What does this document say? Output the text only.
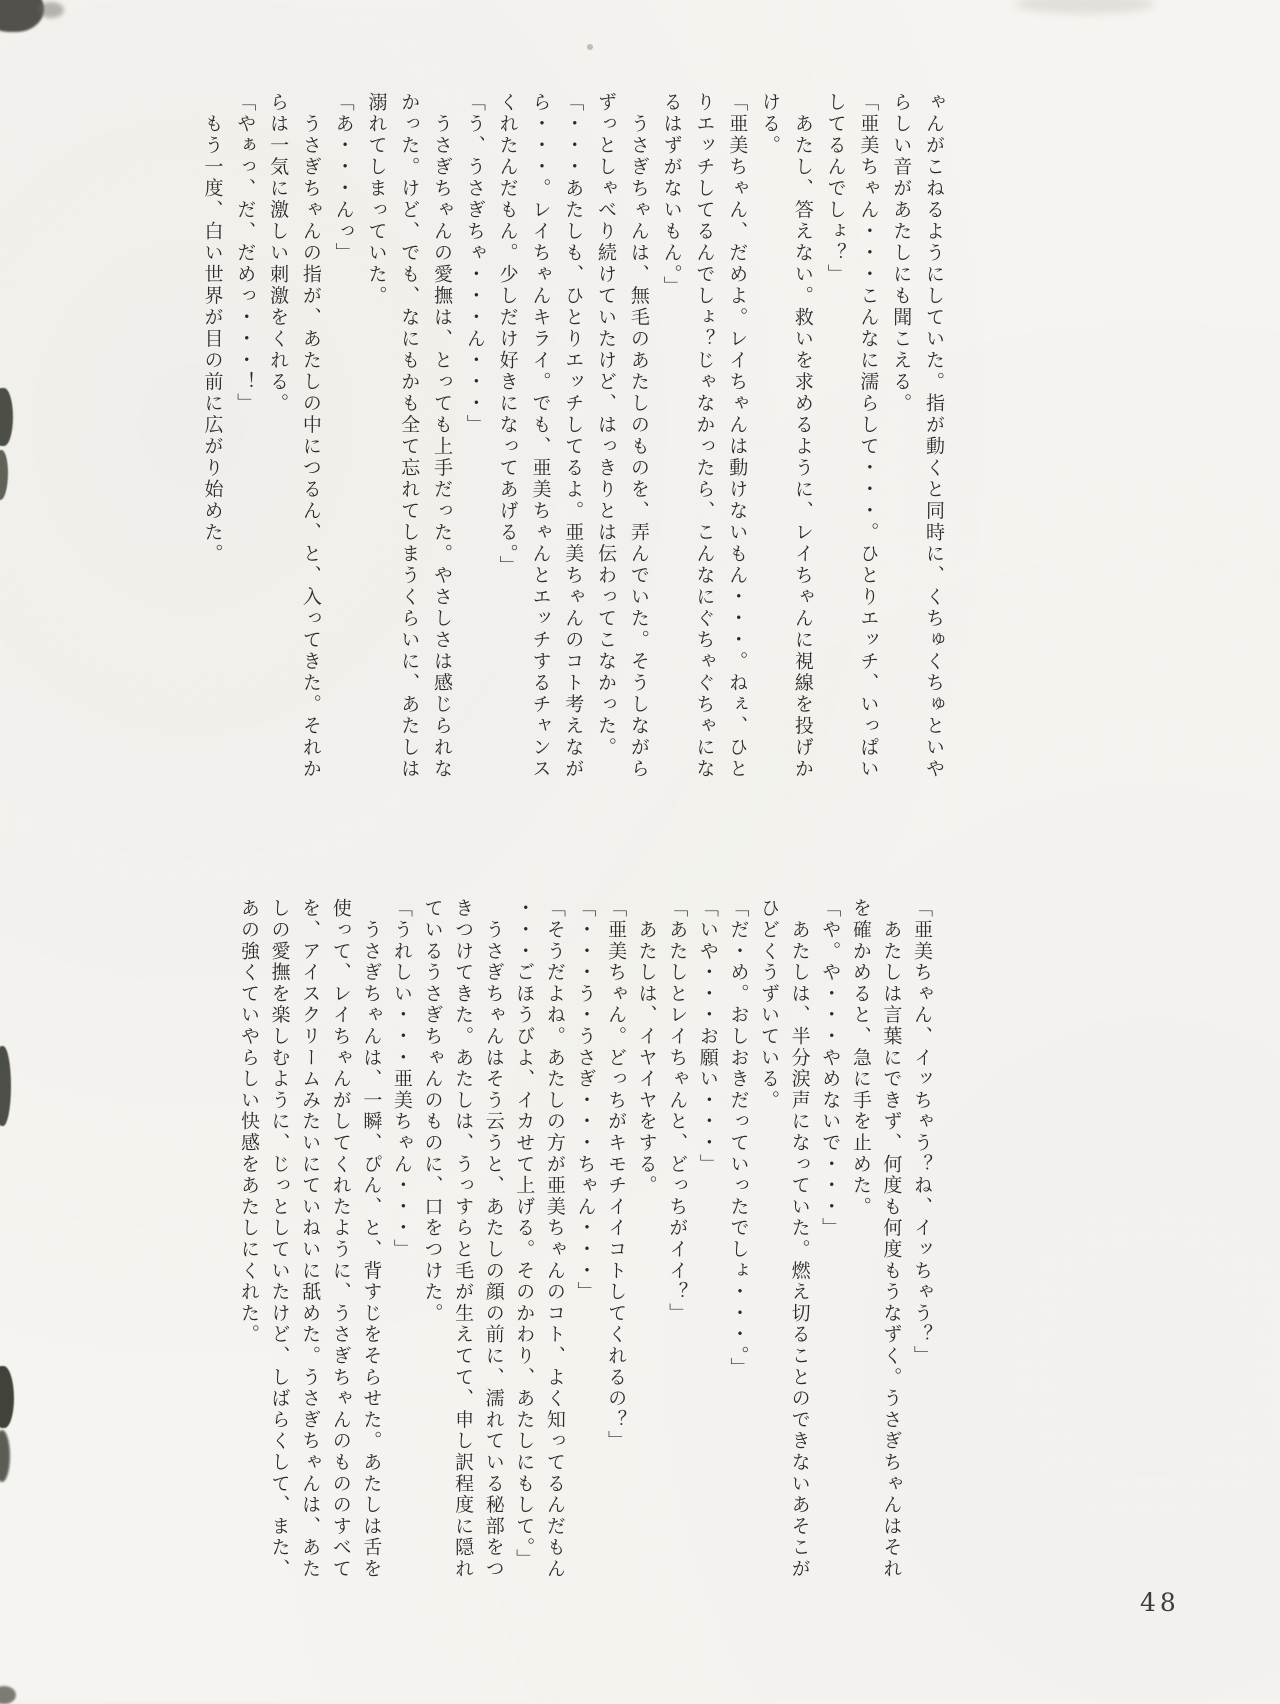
ゃんがこねるようにしていた。指が動くと同時に、くちゅくちゅといや

らしい音があたしにも聞こえる。

「亜美ちゃん・・・こんなに濡らして・・・。ひとりエッチ、いっぱい

してるんでしょ？」

　あたし、答えない。救いを求めるように、レイちゃんに視線を投げか

ける。

「亜美ちゃん、だめよ。レイちゃんは動けないもん・・・。ねぇ、ひと

りエッチしてるんでしょ？じゃなかったら、こんなにぐちゃぐちゃにな

るはずがないもん。」

　うさぎちゃんは、無毛のあたしのものを、弄んでいた。そうしながら

ずっとしゃべり続けていたけど、はっきりとは伝わってこなかった。

「・・・あたしも、ひとりエッチしてるよ。亜美ちゃんのコト考えなが

ら・・・。レイちゃんキライ。でも、亜美ちゃんとエッチするチャンス

くれたんだもん。少しだけ好きになってあげる。」

「う、うさぎちゃ・・・ん・・・」

　うさぎちゃんの愛撫は、とっても上手だった。やさしさは感じられな

かった。けど、でも、なにもかも全て忘れてしまうくらいに、あたしは

溺れてしまっていた。

「あ・・・んっ」

　うさぎちゃんの指が、あたしの中につるん、と、入ってきた。それか

らは一気に激しい刺激をくれる。

「やぁっ、だ、だめっ・・・！」

　もう一度、白い世界が目の前に広がり始めた。

「亜美ちゃん、イッちゃう？ね、イッちゃう？」

　あたしは言葉にできず、何度も何度もうなずく。うさぎちゃんはそれ

を確かめると、急に手を止めた。

「や。や・・・やめないで・・・」

　あたしは、半分涙声になっていた。燃え切ることのできないあそこが

ひどくうずいている。

「だ・め。おしおきだっていったでしょ・・・。」

「いや・・・お願い・・・」

「あたしとレイちゃんと、どっちがイイ？」

　あたしは、イヤイヤをする。

「亜美ちゃん。どっちがキモチイイコトしてくれるの？」

「・・・う・うさぎ・・・ちゃん・・・」

「そうだよね。あたしの方が亜美ちゃんのコト、よく知ってるんだもん

・・・ごほうびよ、イカせて上げる。そのかわり、あたしにもして。」

　うさぎちゃんはそう云うと、あたしの顔の前に、濡れている秘部をつ

きつけてきた。あたしは、うっすらと毛が生えてて、申し訳程度に隠れ

ているうさぎちゃんのものに、口をつけた。

「うれしい・・・亜美ちゃん・・・」

　うさぎちゃんは、一瞬、ぴん、と、背すじをそらせた。あたしは舌を

使って、レイちゃんがしてくれたように、うさぎちゃんのもののすべて

を、アイスクリームみたいにていねいに舐めた。うさぎちゃんは、あた

しの愛撫を楽しむように、じっとしていたけど、しばらくして、また、

あの強くていやらしい快感をあたしにくれた。

48
